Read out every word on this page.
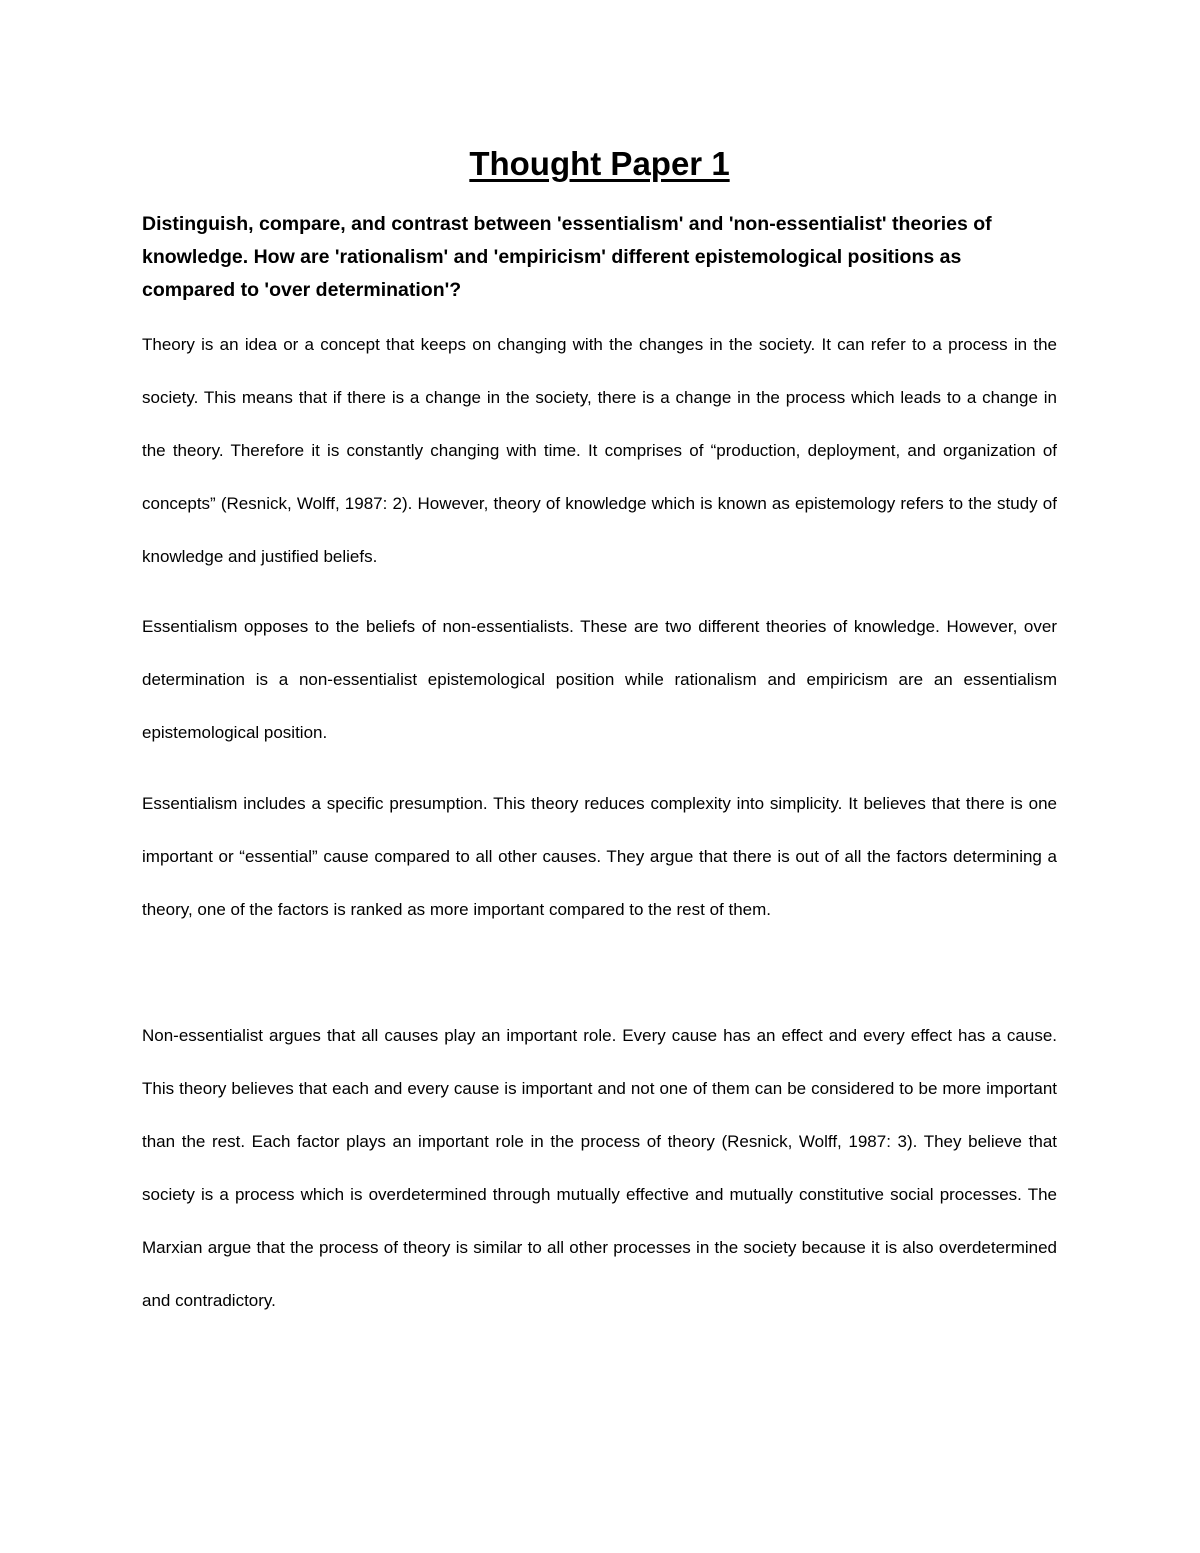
Thought Paper 1

Distinguish, compare, and contrast between 'essentialism' and 'non-essentialist' theories of knowledge. How are 'rationalism' and 'empiricism' different epistemological positions as compared to 'over determination'?

Theory is an idea or a concept that keeps on changing with the changes in the society. It can refer to a process in the society. This means that if there is a change in the society, there is a change in the process which leads to a change in the theory. Therefore it is constantly changing with time. It comprises of “production, deployment, and organization of concepts” (Resnick, Wolff, 1987: 2). However, theory of knowledge which is known as epistemology refers to the study of knowledge and justified beliefs.

Essentialism opposes to the beliefs of non-essentialists. These are two different theories of knowledge. However, over determination is a non-essentialist epistemological position while rationalism and empiricism are an essentialism epistemological position.

Essentialism includes a specific presumption. This theory reduces complexity into simplicity. It believes that there is one important or “essential” cause compared to all other causes. They argue that there is out of all the factors determining a theory, one of the factors is ranked as more important compared to the rest of them.

Non-essentialist argues that all causes play an important role. Every cause has an effect and every effect has a cause. This theory believes that each and every cause is important and not one of them can be considered to be more important than the rest. Each factor plays an important role in the process of theory (Resnick, Wolff, 1987: 3). They believe that society is a process which is overdetermined through mutually effective and mutually constitutive social processes. The Marxian argue that the process of theory is similar to all other processes in the society because it is also overdetermined and contradictory.
